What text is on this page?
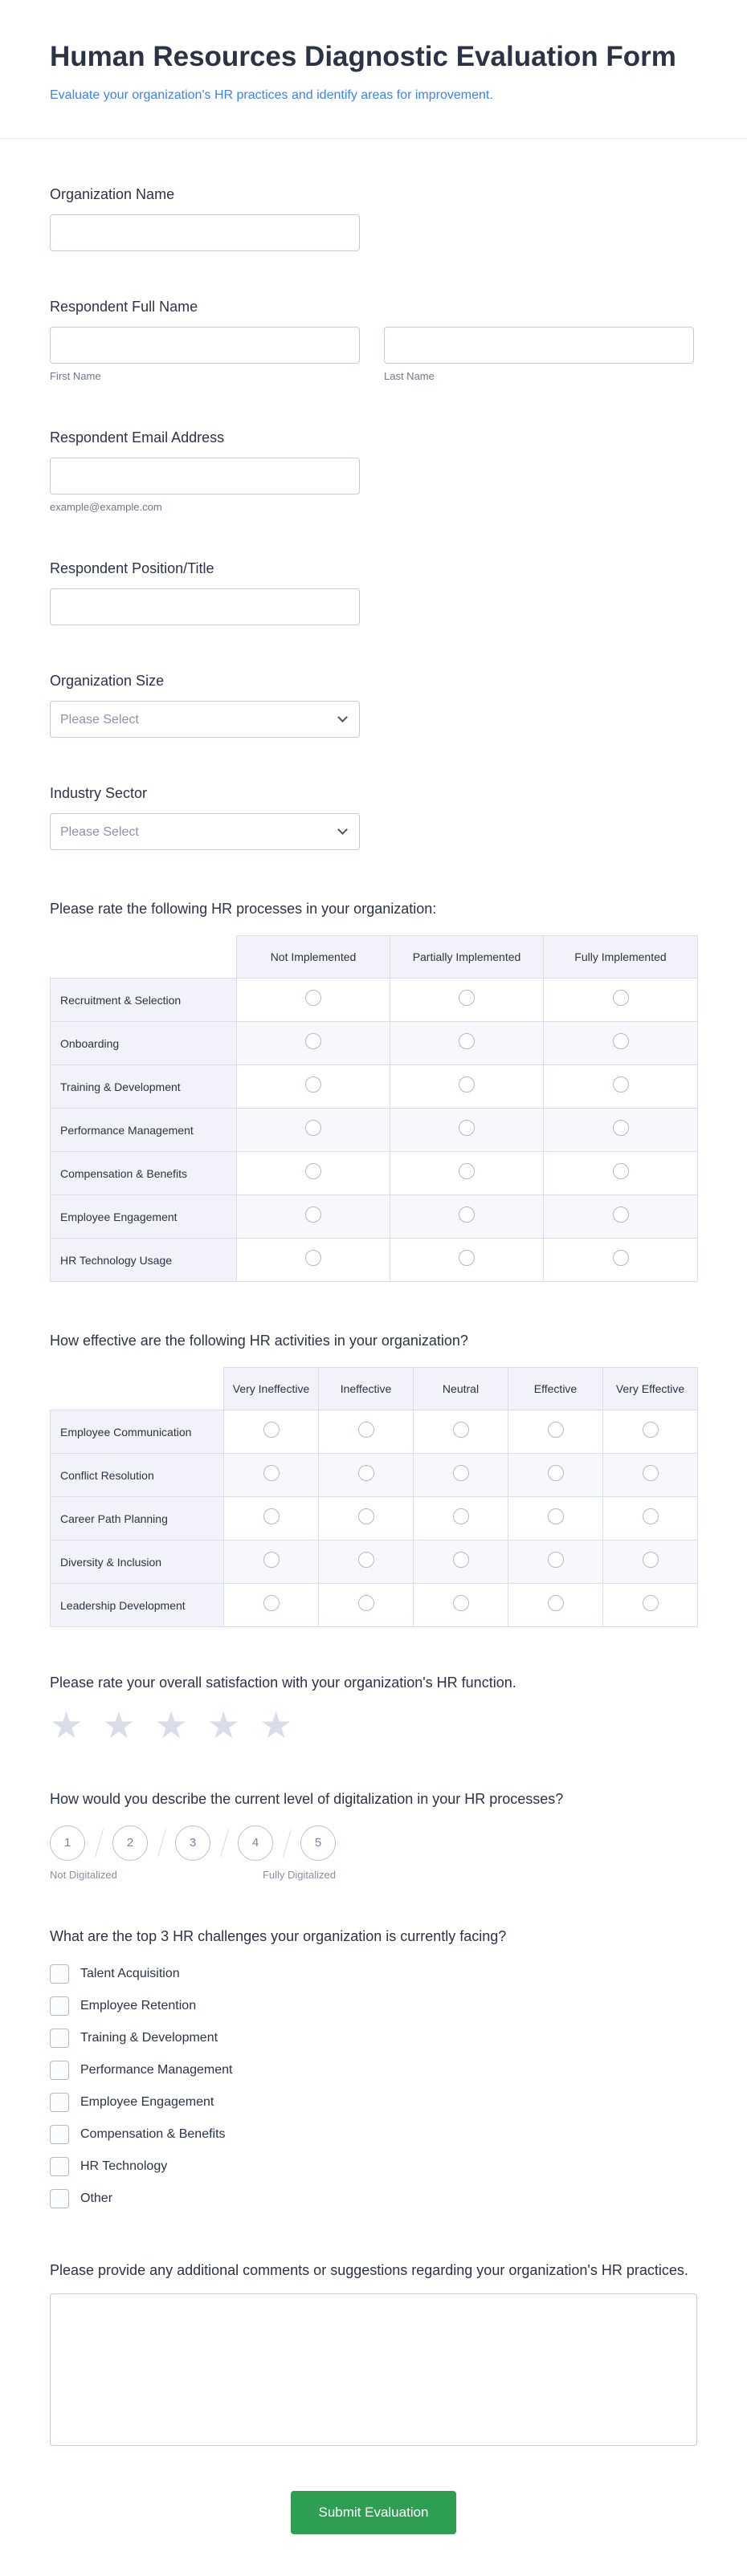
Human Resources Diagnostic Evaluation Form

Evaluate your organization's HR practices and identify areas for improvement.

Organization Name
Respondent Full Name
First Name	Last Name
Respondent Email Address
example@example.com
Respondent Position/Title
Organization Size
Please Select
Industry Sector
Please Select
Please rate the following HR processes in your organization:
	Not Implemented	Partially Implemented	Fully Implemented
Recruitment & Selection			
Onboarding			
Training & Development			
Performance Management			
Compensation & Benefits			
Employee Engagement			
HR Technology Usage			
How effective are the following HR activities in your organization?
	Very Ineffective	Ineffective	Neutral	Effective	Very Effective
Employee Communication					
Conflict Resolution					
Career Path Planning					
Diversity & Inclusion					
Leadership Development					
Please rate your overall satisfaction with your organization's HR function.
★ ★ ★ ★ ★
How would you describe the current level of digitalization in your HR processes?
1	2	3	4	5
Not Digitalized	Fully Digitalized
What are the top 3 HR challenges your organization is currently facing?
Talent Acquisition
Employee Retention
Training & Development
Performance Management
Employee Engagement
Compensation & Benefits
HR Technology
Other
Please provide any additional comments or suggestions regarding your organization's HR practices.
Submit Evaluation
